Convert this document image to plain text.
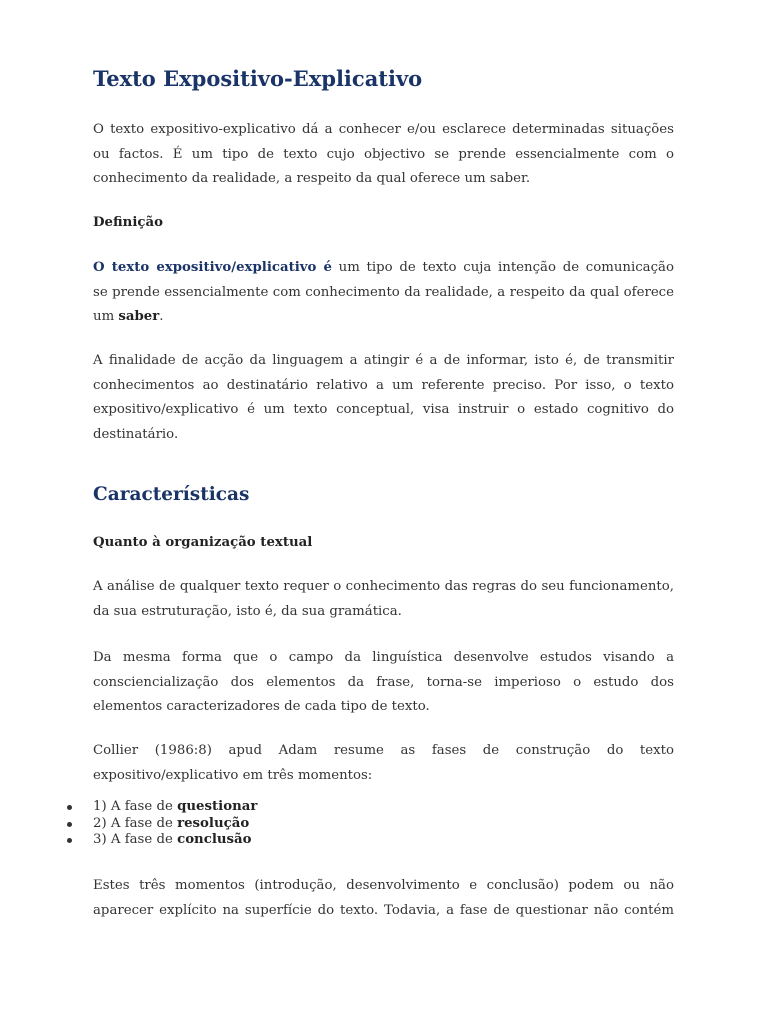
Texto Expositivo-Explicativo

O texto expositivo-explicativo dá a conhecer e/ou esclarece determinadas situações
ou factos. É um tipo de texto cujo objectivo se prende essencialmente com o
conhecimento da realidade, a respeito da qual oferece um saber.

Definição

O texto expositivo/explicativo é um tipo de texto cuja intenção de comunicação
se prende essencialmente com conhecimento da realidade, a respeito da qual oferece
um saber.

A finalidade de acção da linguagem a atingir é a de informar, isto é, de transmitir
conhecimentos ao destinatário relativo a um referente preciso. Por isso, o texto
expositivo/explicativo é um texto conceptual, visa instruir o estado cognitivo do
destinatário.

Características
Quanto à organização textual

A análise de qualquer texto requer o conhecimento das regras do seu funcionamento,
da sua estruturação, isto é, da sua gramática.

Da mesma forma que o campo da linguística desenvolve estudos visando a
consciencialização dos elementos da frase, torna-se imperioso o estudo dos
elementos caracterizadores de cada tipo de texto.

Collier (1986:8) apud Adam resume as fases de construção do texto
expositivo/explicativo em três momentos:

1) A fase de questionar
2) A fase de resolução
3) A fase de conclusão

Estes três momentos (introdução, desenvolvimento e conclusão) podem ou não
aparecer explícito na superfície do texto. Todavia, a fase de questionar não contém
